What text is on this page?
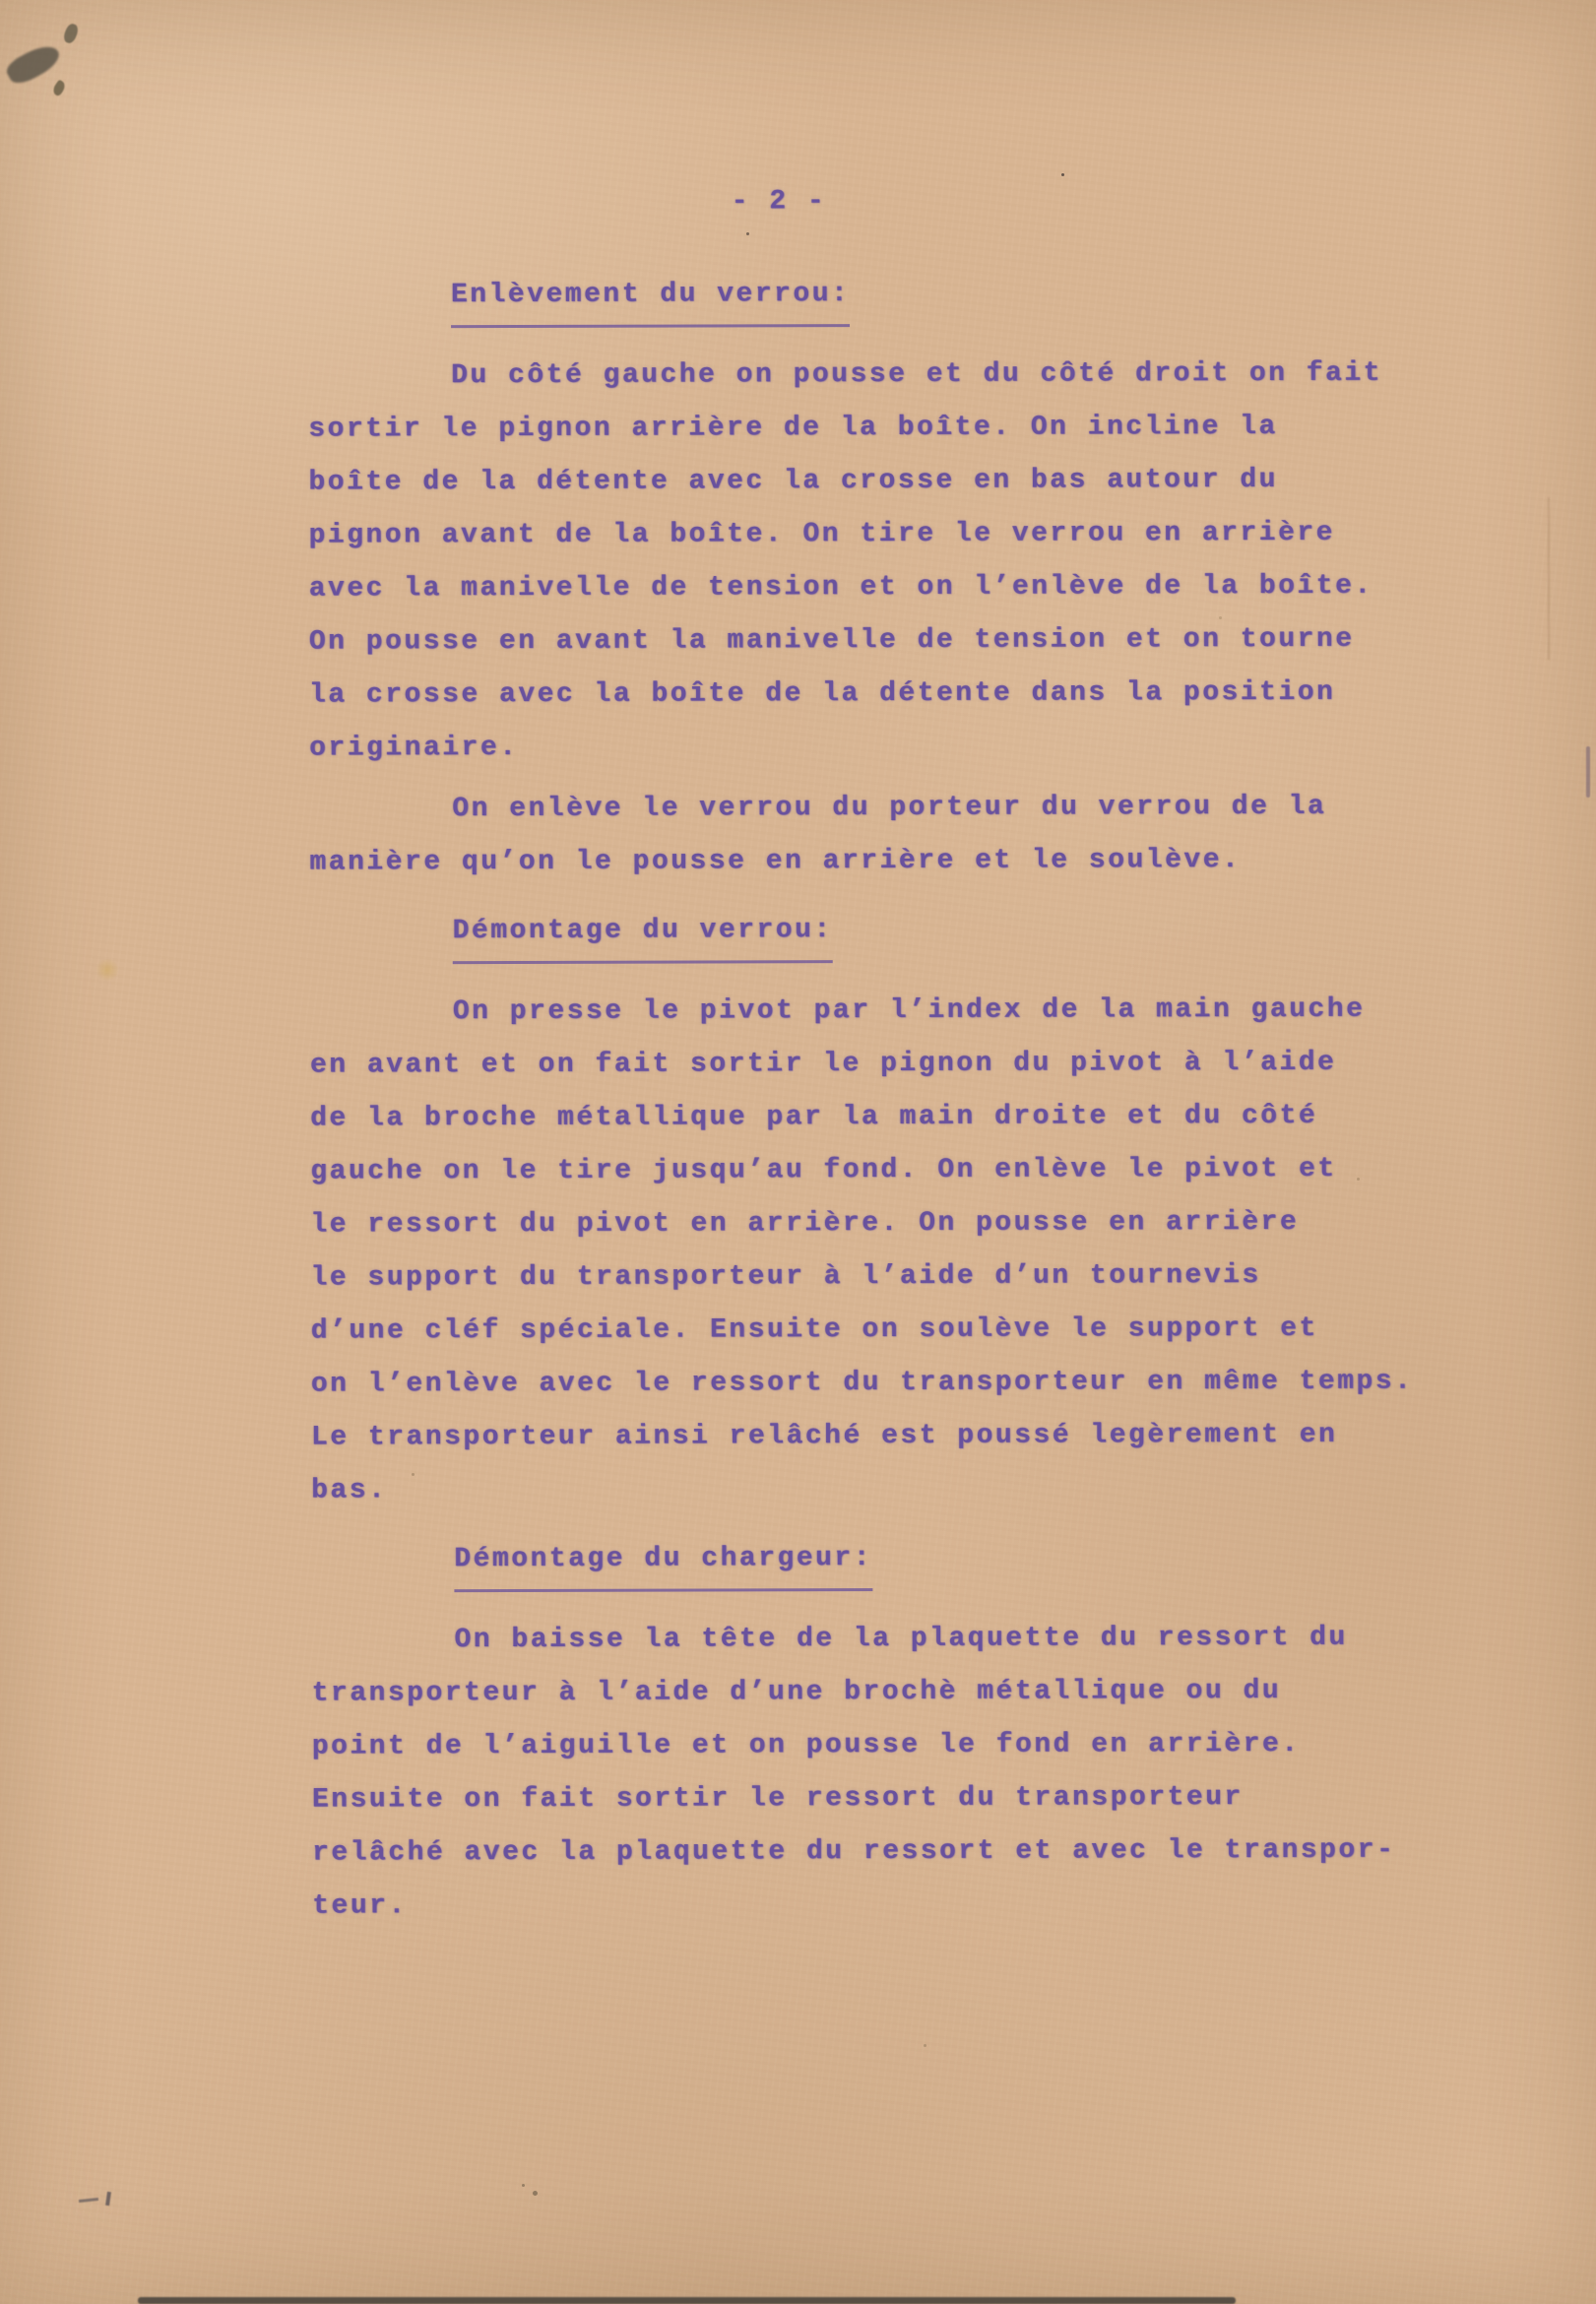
- 2 -
Enlèvement du verrou:
Du côté gauche on pousse et du côté droit on fait
sortir le pignon arrière de la boîte. On incline la
boîte de la détente avec la crosse en bas autour du
pignon avant de la boîte. On tire le verrou en arrière
avec la manivelle de tension et on l’enlève de la boîte.
On pousse en avant la manivelle de tension et on tourne
la crosse avec la boîte de la détente dans la position
originaire.
On enlève le verrou du porteur du verrou de la
manière qu’on le pousse en arrière et le soulève.
Démontage du verrou:
On presse le pivot par l’index de la main gauche
en avant et on fait sortir le pignon du pivot à l’aide
de la broche métallique par la main droite et du côté
gauche on le tire jusqu’au fond. On enlève le pivot et
le ressort du pivot en arrière. On pousse en arrière
le support du transporteur à l’aide d’un tournevis
d’une cléf spéciale. Ensuite on soulève le support et
on l’enlève avec le ressort du transporteur en même temps.
Le transporteur ainsi relâché est poussé legèrement en
bas.
Démontage du chargeur:
On baisse la tête de la plaquette du ressort du
transporteur à l’aide d’une brochè métallique ou du
point de l’aiguille et on pousse le fond en arrière.
Ensuite on fait sortir le ressort du transporteur
relâché avec la plaquette du ressort et avec le transpor-
teur.
